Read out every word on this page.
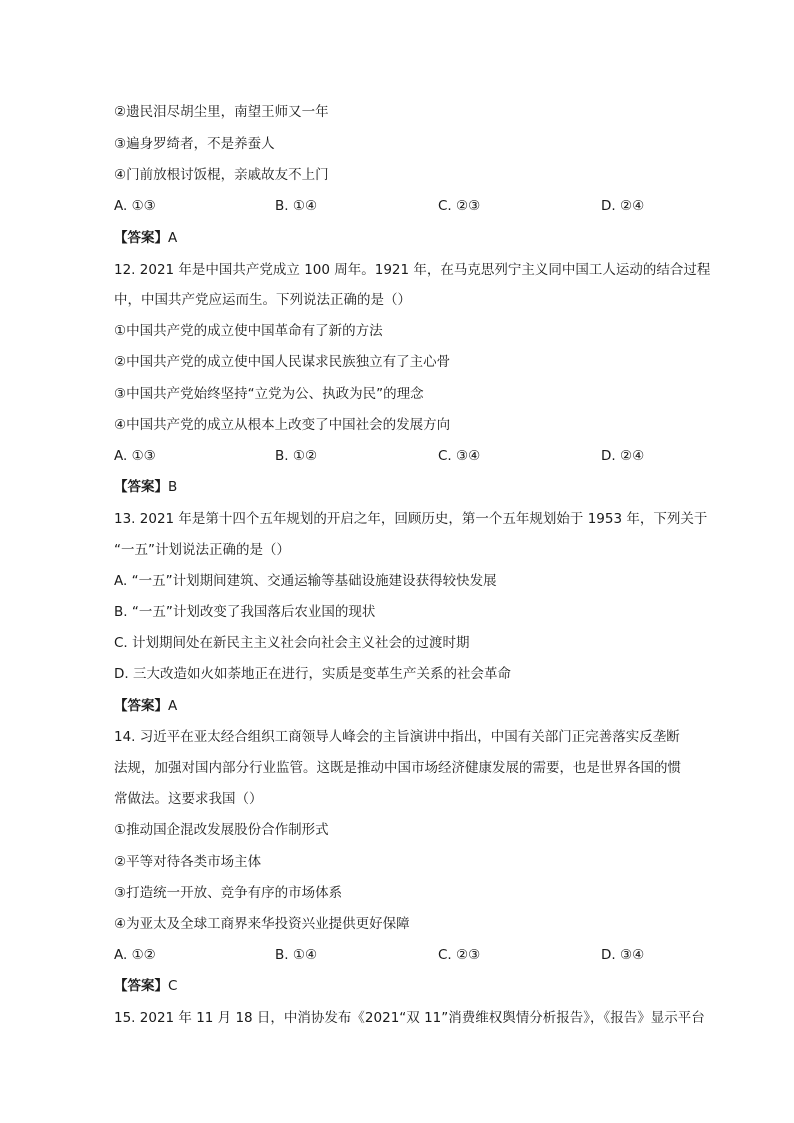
②遗民泪尽胡尘里，南望王师又一年
③遍身罗绮者，不是养蚕人
④门前放根讨饭棍，亲戚故友不上门
A. ①③	B. ①④	C. ②③	D. ②④
【答案】A
12. 2021 年是中国共产党成立 100 周年。1921 年，在马克思列宁主义同中国工人运动的结合过程
中，中国共产党应运而生。下列说法正确的是（）
①中国共产党的成立使中国革命有了新的方法
②中国共产党的成立使中国人民谋求民族独立有了主心骨
③中国共产党始终坚持“立党为公、执政为民”的理念
④中国共产党的成立从根本上改变了中国社会的发展方向
A. ①③	B. ①②	C. ③④	D. ②④
【答案】B
13. 2021 年是第十四个五年规划的开启之年，回顾历史，第一个五年规划始于 1953 年，下列关于
“一五”计划说法正确的是（）
A. “一五”计划期间建筑、交通运输等基础设施建设获得较快发展
B. “一五”计划改变了我国落后农业国的现状
C. 计划期间处在新民主主义社会向社会主义社会的过渡时期
D. 三大改造如火如荼地正在进行，实质是变革生产关系的社会革命
【答案】A
14. 习近平在亚太经合组织工商领导人峰会的主旨演讲中指出，中国有关部门正完善落实反垄断
法规，加强对国内部分行业监管。这既是推动中国市场经济健康发展的需要，也是世界各国的惯
常做法。这要求我国（）
①推动国企混改发展股份合作制形式
②平等对待各类市场主体
③打造统一开放、竞争有序的市场体系
④为亚太及全球工商界来华投资兴业提供更好保障
A. ①②	B. ①④	C. ②③	D. ③④
【答案】C
15. 2021 年 11 月 18 日，中消协发布《2021“双 11”消费维权舆情分析报告》，《报告》显示平台
